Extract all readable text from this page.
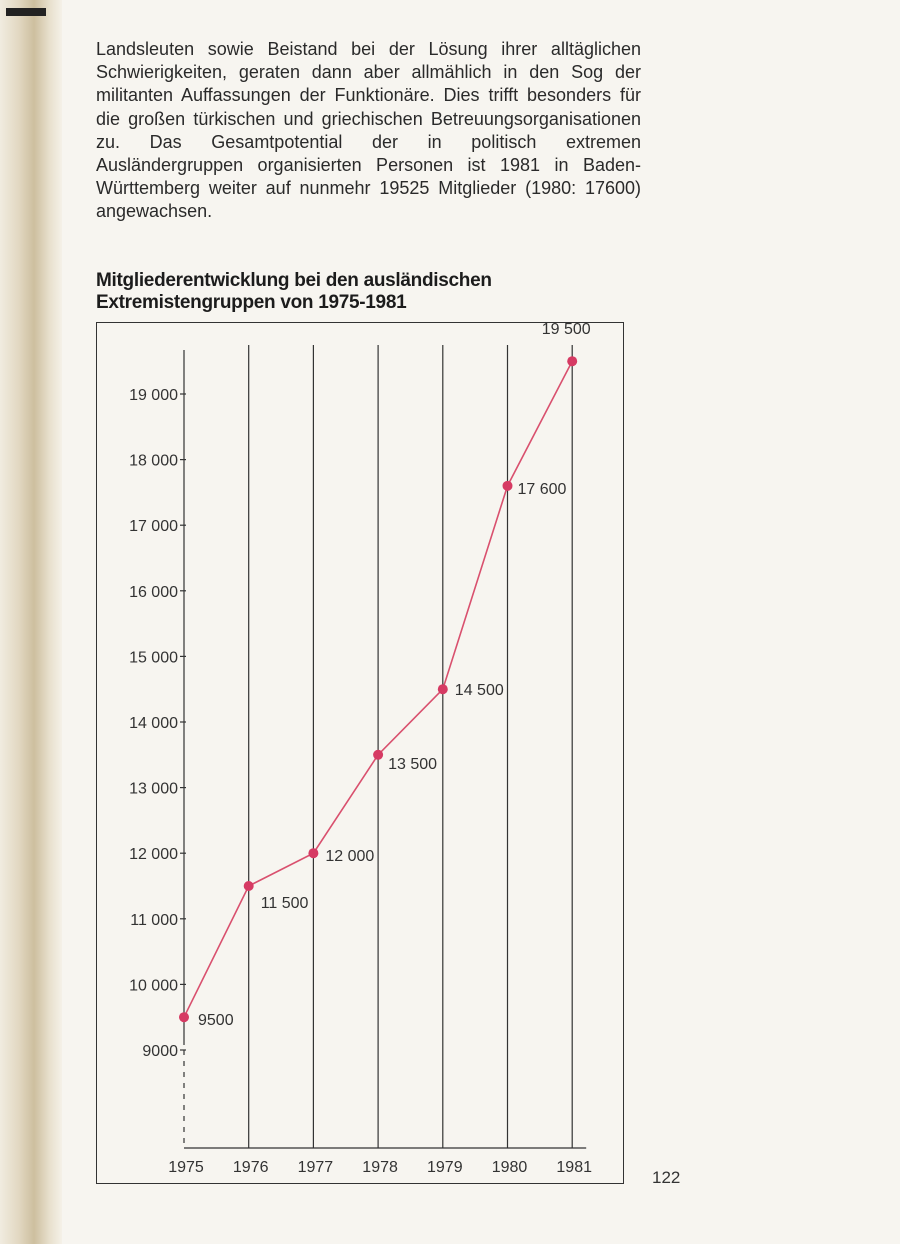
Landsleuten sowie Beistand bei der Lösung ihrer alltäglichen Schwierigkeiten, geraten dann aber allmählich in den Sog der militanten Auffassungen der Funktionäre. Dies trifft besonders für die großen türkischen und griechischen Betreuungsorganisationen zu. Das Gesamtpotential der in politisch extremen Ausländergruppen organisierten Personen ist 1981 in Baden-Württemberg weiter auf nunmehr 19525 Mitglieder (1980: 17600) angewachsen.

Mitgliederentwicklung bei den ausländischen Extremistengruppen von 1975-1981
9000
10 000
11 000
12 000
13 000
14 000
15 000
16 000
17 000
18 000
19 000
9500
11 500
12 000
13 500
14 500
17 600
19 500
1975 1976 1977 1978 1979 1980 1981
122
